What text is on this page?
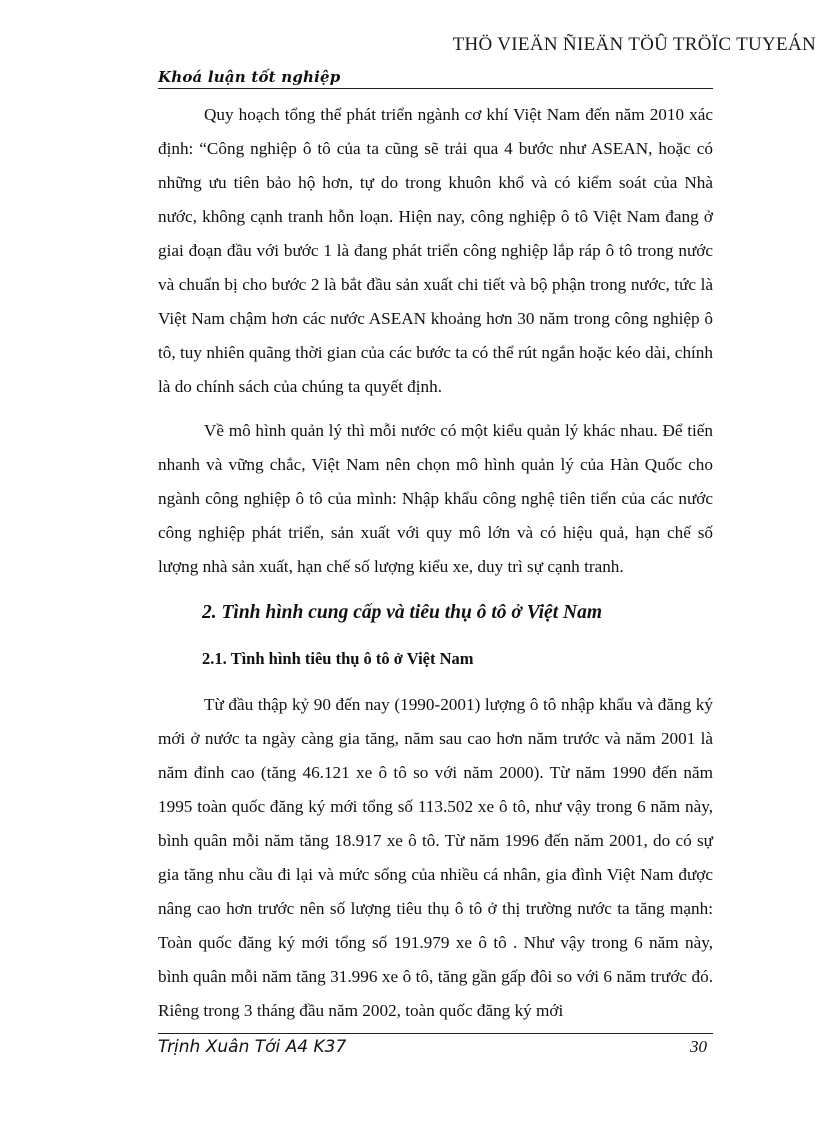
THÖ VIEÄN ÑIEÄN TÖÛ TRÖÏC TUYEÁN
Khoá luận tốt nghiệp

Quy hoạch tổng thể phát triển ngành cơ khí Việt Nam đến năm 2010 xác định: “Công nghiệp ô tô của ta cũng sẽ trải qua 4 bước như ASEAN, hoặc có những ưu tiên bảo hộ hơn, tự do trong khuôn khổ và có kiểm soát của Nhà nước, không cạnh tranh hỗn loạn. Hiện nay, công nghiệp ô tô Việt Nam đang ở giai đoạn đầu với bước 1 là đang phát triển công nghiệp lắp ráp ô tô trong nước và chuẩn bị cho bước 2 là bắt đầu sản xuất chi tiết và bộ phận trong nước, tức là Việt Nam chậm hơn các nước ASEAN khoảng hơn 30 năm trong công nghiệp ô tô, tuy nhiên quãng thời gian của các bước ta có thể rút ngắn hoặc kéo dài, chính là do chính sách của chúng ta quyết định.

Về mô hình quản lý thì mỗi nước có một kiểu quản lý khác nhau. Để tiến nhanh và vững chắc, Việt Nam nên chọn mô hình quản lý của Hàn Quốc cho ngành công nghiệp ô tô của mình: Nhập khẩu công nghệ tiên tiến của các nước công nghiệp phát triển, sản xuất với quy mô lớn và có hiệu quả, hạn chế số lượng nhà sản xuất, hạn chế số lượng kiểu xe, duy trì sự cạnh tranh.

2. Tình hình cung cấp và tiêu thụ ô tô ở Việt Nam
2.1. Tình hình tiêu thụ ô tô ở Việt Nam

Từ đầu thập kỷ 90 đến nay (1990-2001) lượng ô tô nhập khẩu và đăng ký mới ở nước ta ngày càng gia tăng, năm sau cao hơn năm trước và năm 2001 là năm đỉnh cao (tăng 46.121 xe ô tô so với năm 2000). Từ năm 1990 đến năm 1995 toàn quốc đăng ký mới tổng số 113.502 xe ô tô, như vậy trong 6 năm này, bình quân mỗi năm tăng 18.917 xe ô tô. Từ năm 1996 đến năm 2001, do có sự gia tăng nhu cầu đi lại và mức sống của nhiều cá nhân, gia đình Việt Nam được nâng cao hơn trước nên số lượng tiêu thụ ô tô ở thị trường nước ta tăng mạnh: Toàn quốc đăng ký mới tổng số 191.979 xe ô tô . Như vậy trong 6 năm này, bình quân mỗi năm tăng 31.996 xe ô tô, tăng gần gấp đôi so với 6 năm trước đó. Riêng trong 3 tháng đầu năm 2002, toàn quốc đăng ký mới

Trịnh Xuân Tới A4 K37	30
